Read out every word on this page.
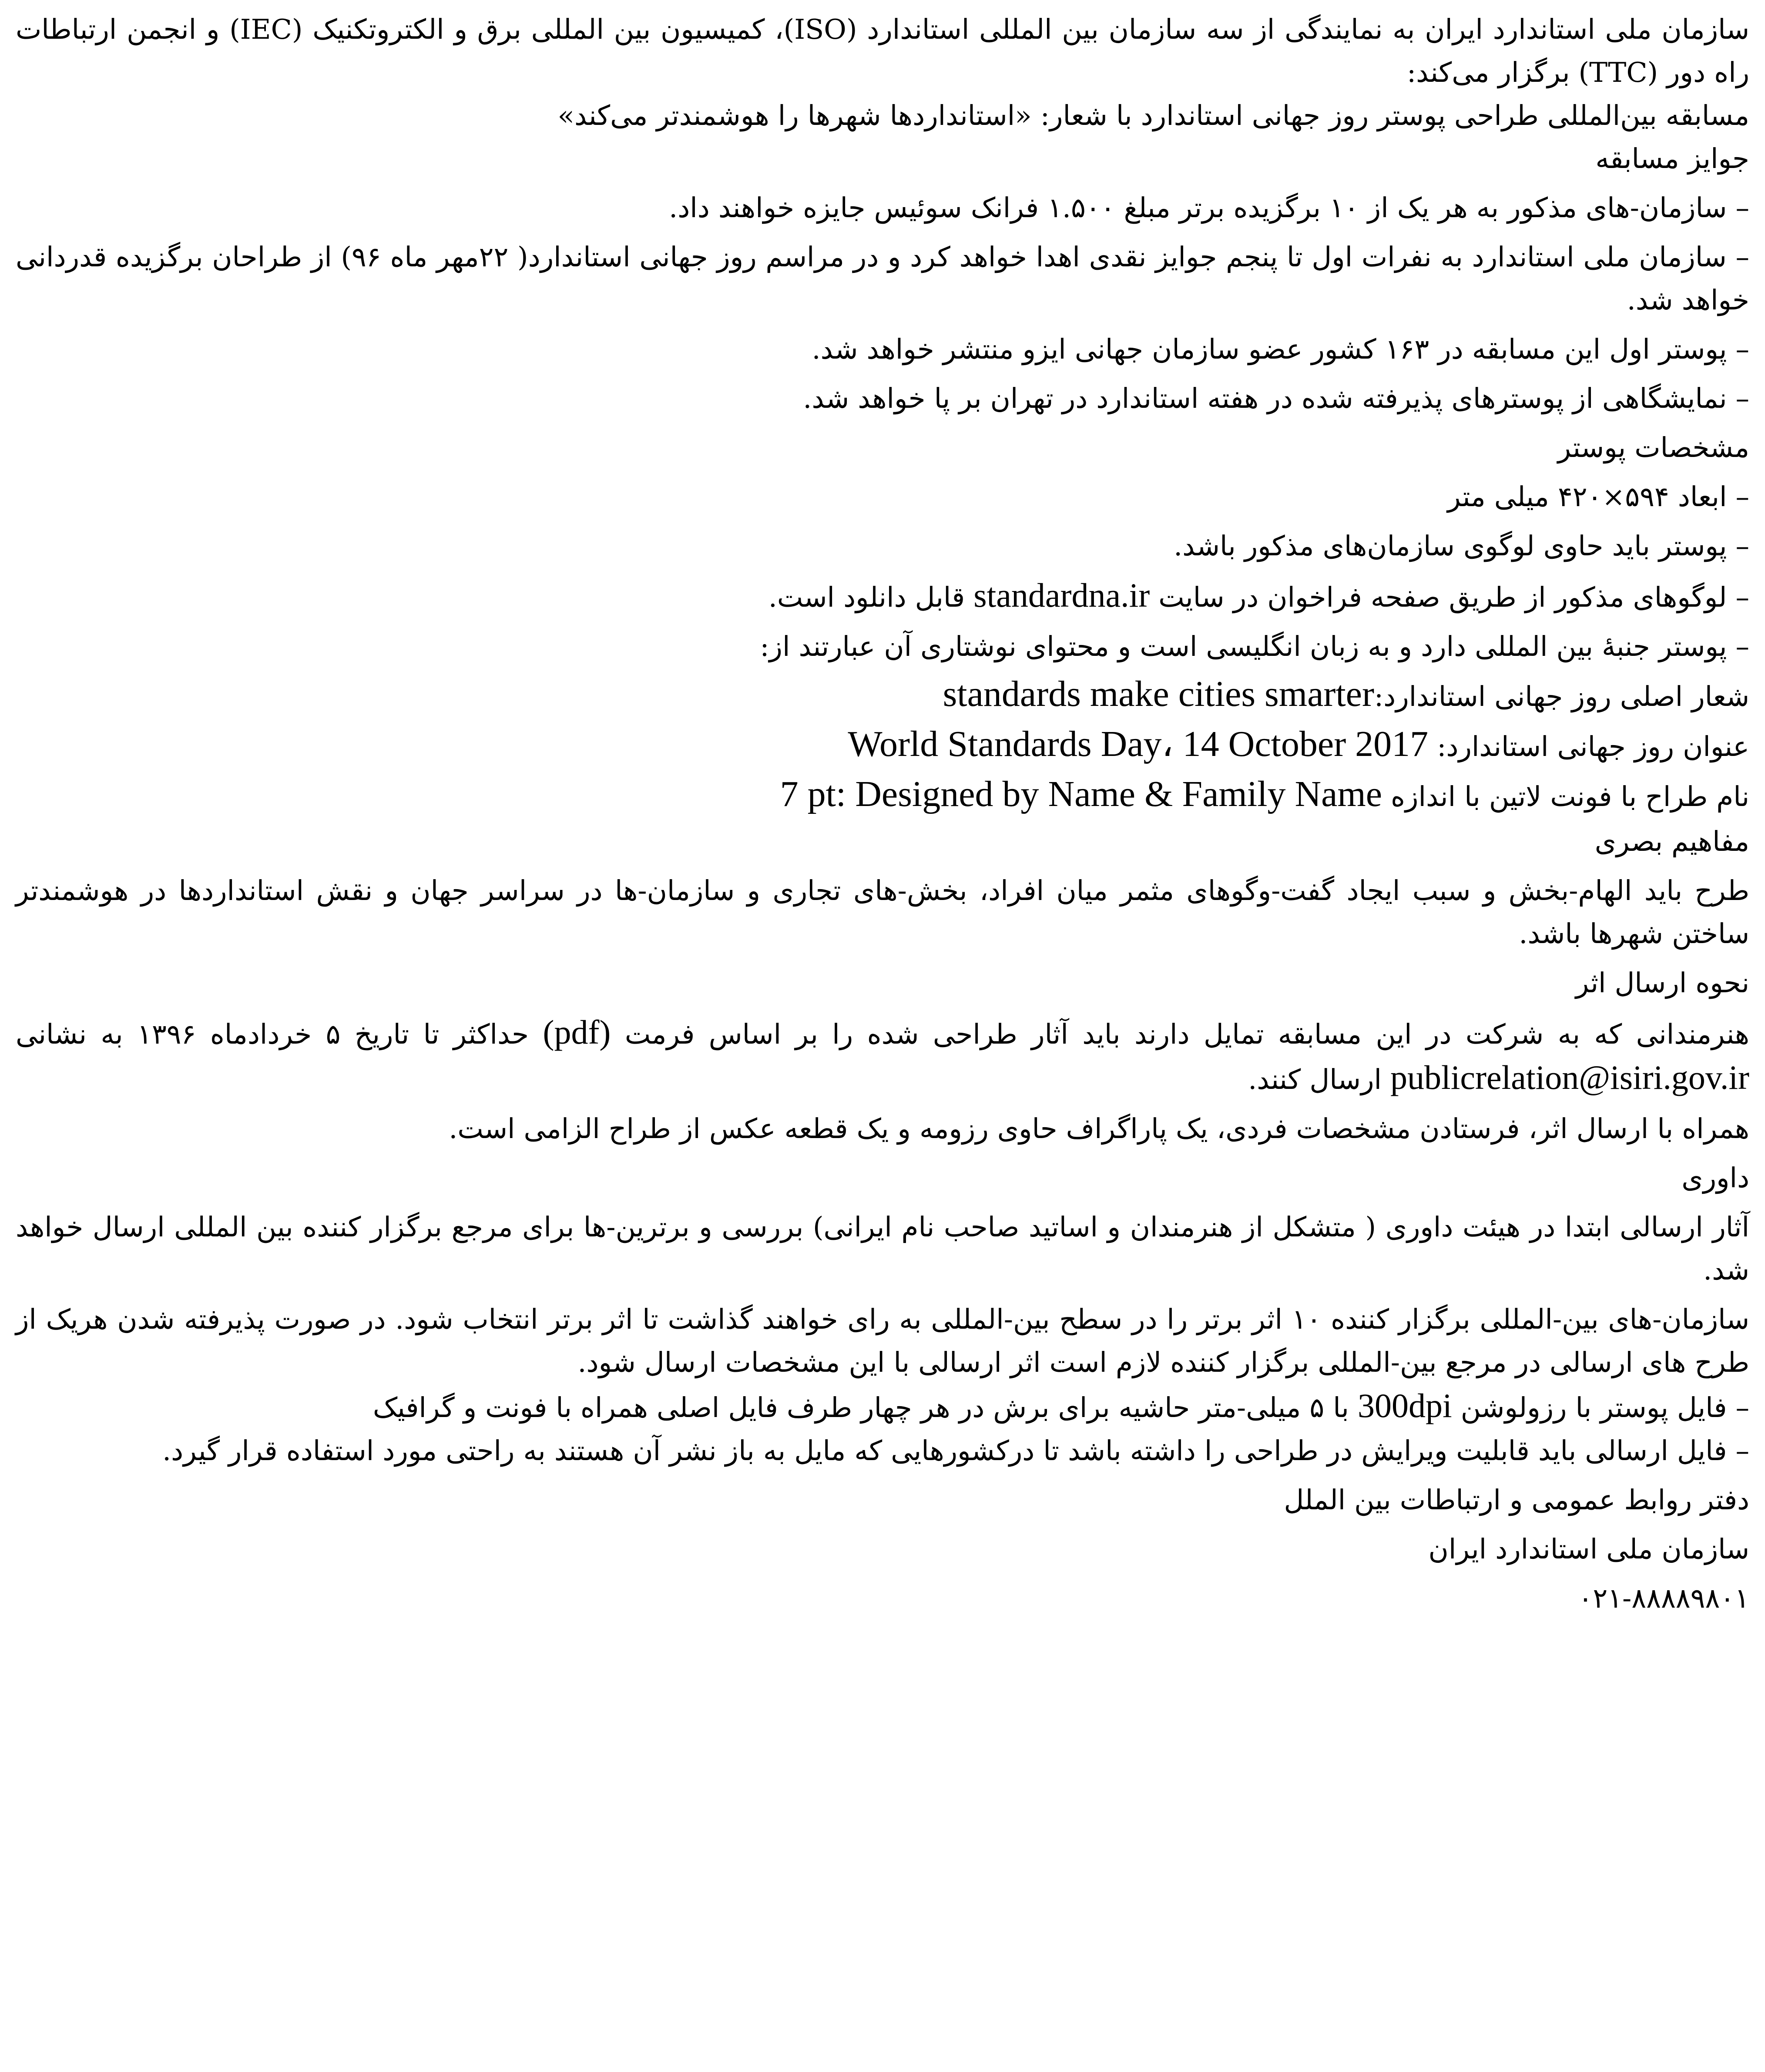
سازمان ملی استاندارد ایران به نمایندگی از سه سازمان بین المللی استاندارد (ISO)، کمیسیون بین المللی برق و الکتروتکنیک (IEC) و انجمن ارتباطات راه دور (TTC) برگزار می‌کند:

مسابقه بین‌المللی طراحی پوستر روز جهانی استاندارد با شعار: «استانداردها شهرها را هوشمندتر می‌کند»

جوایز مسابقه

– سازمان-های مذکور به هر یک از ۱۰ برگزیده برتر مبلغ ۱.۵۰۰ فرانک سوئیس جایزه خواهند داد.

– سازمان ملی استاندارد به نفرات اول تا پنجم جوایز نقدی اهدا خواهد کرد و در مراسم روز جهانی استاندارد( ۲۲مهر ماه ۹۶) از طراحان برگزیده قدردانی خواهد شد.

– پوستر اول این مسابقه در ۱۶۳ کشور عضو سازمان جهانی ایزو منتشر خواهد شد.

– نمایشگاهی از پوسترهای پذیرفته شده در هفته استاندارد در تهران بر پا خواهد شد.

مشخصات پوستر

– ابعاد ۵۹۴×۴۲۰ میلی متر

– پوستر باید حاوی لوگوی سازمان‌های مذکور باشد.

– لوگوهای مذکور از طریق صفحه فراخوان در سایت standardna.ir قابل دانلود است.

– پوستر جنبهٔ بین المللی دارد و به زبان انگلیسی است و محتوای نوشتاری آن عبارتند از:

شعار اصلی روز جهانی استاندارد:standards make cities smarter

عنوان روز جهانی استاندارد: World Standards Day، 14 October 2017

نام طراح با فونت لاتین با اندازه 7 pt: Designed by Name & Family Name

مفاهیم بصری

طرح باید الهام-بخش و سبب ایجاد گفت-وگوهای مثمر میان افراد، بخش-های تجاری و سازمان-ها در سراسر جهان و نقش استانداردها در هوشمندتر ساختن شهرها باشد.

نحوه ارسال اثر

هنرمندانی که به شرکت در این مسابقه تمایل دارند باید آثار طراحی شده را بر اساس فرمت (pdf) حداکثر تا تاریخ ۵ خردادماه ۱۳۹۶ به نشانی publicrelation@isiri.gov.ir ارسال کنند.

همراه با ارسال اثر، فرستادن مشخصات فردی، یک پاراگراف حاوی رزومه و یک قطعه عکس از طراح الزامی است.

داوری

آثار ارسالی ابتدا در هیئت داوری ( متشکل از هنرمندان و اساتید صاحب نام ایرانی) بررسی و برترین-ها برای مرجع برگزار کننده بین المللی ارسال خواهد شد.

سازمان-های بین-المللی برگزار کننده ۱۰ اثر برتر را در سطح بین-المللی به رای خواهند گذاشت تا اثر برتر انتخاب شود. در صورت پذیرفته شدن هریک از طرح های ارسالی در مرجع بین-المللی برگزار کننده لازم است اثر ارسالی با این مشخصات ارسال شود.

– فایل پوستر با رزولوشن 300dpi با ۵ میلی-متر حاشیه برای برش در هر چهار طرف فایل اصلی همراه با فونت و گرافیک

– فایل ارسالی باید قابلیت ویرایش در طراحی را داشته باشد تا درکشورهایی که مایل به باز نشر آن هستند به راحتی مورد استفاده قرار گیرد.

دفتر روابط عمومی و ارتباطات بین الملل

سازمان ملی استاندارد ایران

۰۲۱-۸۸۸۸۹۸۰۱
